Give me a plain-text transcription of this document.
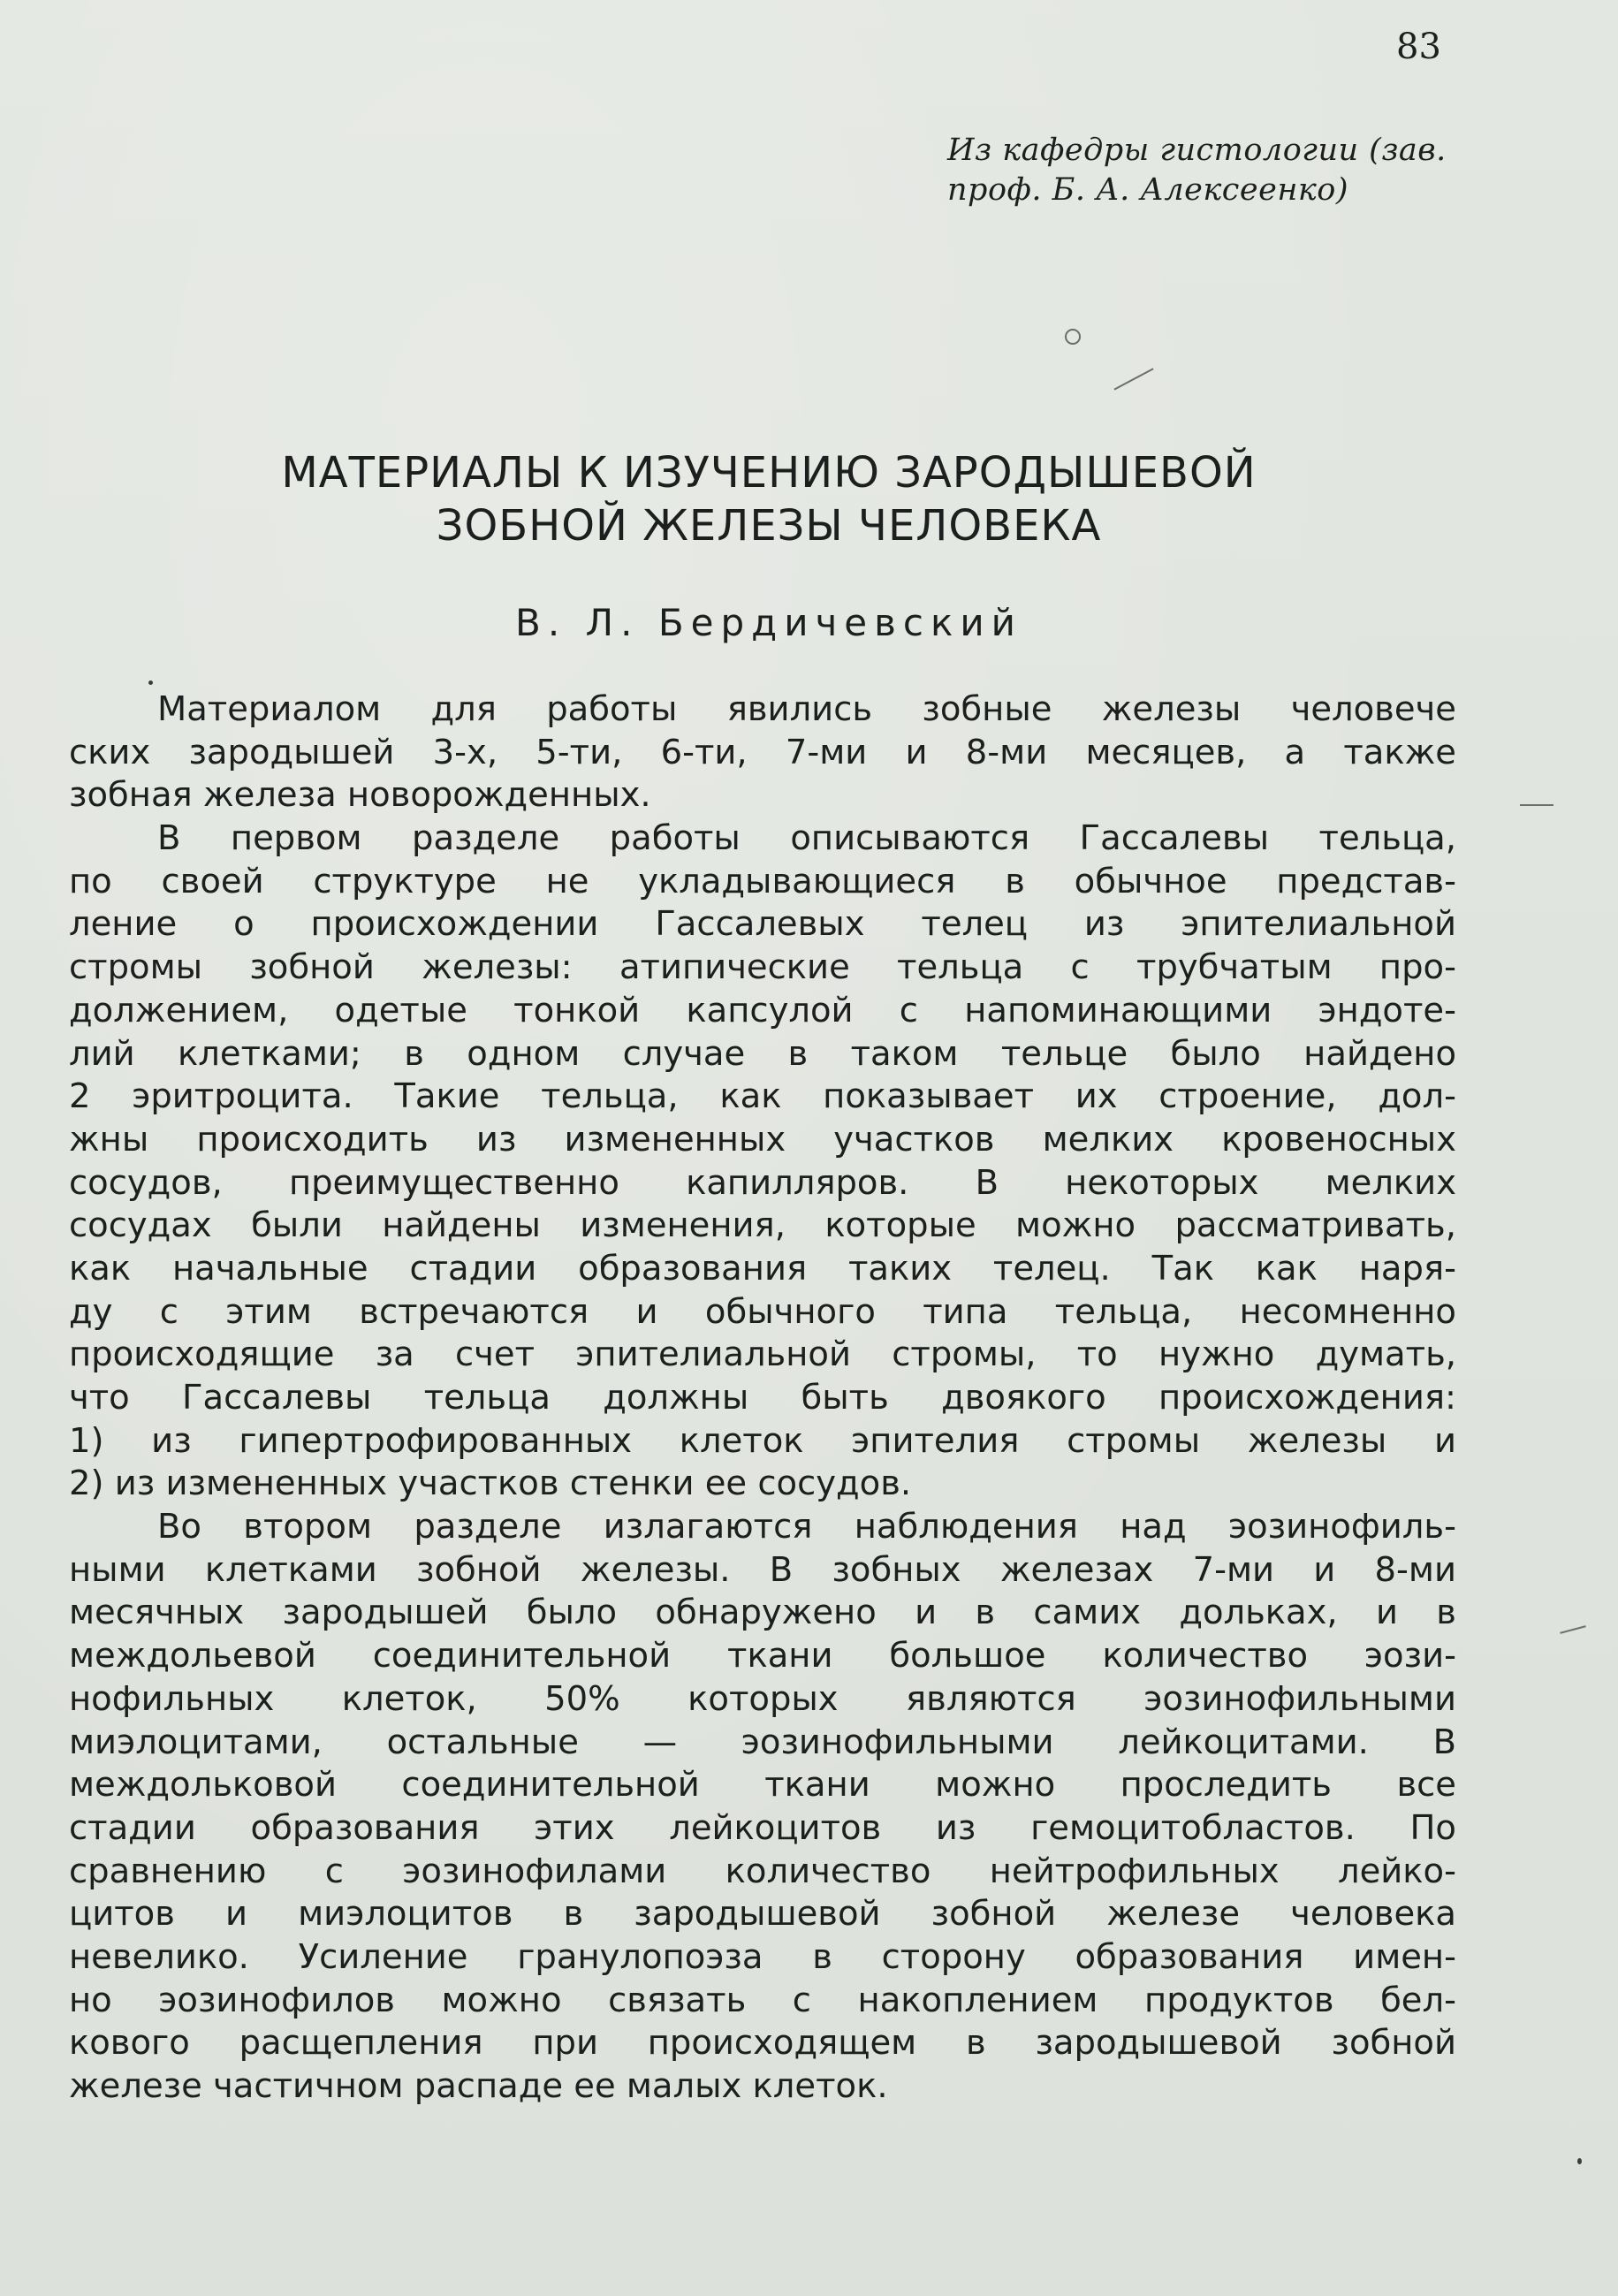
83
Из кафедры гистологии (зав.
проф. Б. А. Алексеенко)
МАТЕРИАЛЫ К ИЗУЧЕНИЮ ЗАРОДЫШЕВОЙ
ЗОБНОЙ ЖЕЛЕЗЫ ЧЕЛОВЕКА
В. Л. Бердичевский
Материалом для работы явились зобные железы человече
ских зародышей 3-х, 5-ти, 6-ти, 7-ми и 8-ми месяцев, а также
зобная железа новорожденных.
В первом разделе работы описываются Гассалевы тельца,
по своей структуре не укладывающиеся в обычное представ-
ление о происхождении Гассалевых телец из эпителиальной
стромы зобной железы: атипические тельца с трубчатым про-
должением, одетые тонкой капсулой с напоминающими эндоте-
лий клетками; в одном случае в таком тельце было найдено
2 эритроцита. Такие тельца, как показывает их строение, дол-
жны происходить из измененных участков мелких кровеносных
сосудов, преимущественно капилляров. В некоторых мелких
сосудах были найдены изменения, которые можно рассматривать,
как начальные стадии образования таких телец. Так как наря-
ду с этим встречаются и обычного типа тельца, несомненно
происходящие за счет эпителиальной стромы, то нужно думать,
что Гассалевы тельца должны быть двоякого происхождения:
1) из гипертрофированных клеток эпителия стромы железы и
2) из измененных участков стенки ее сосудов.
Во втором разделе излагаются наблюдения над эозинофиль-
ными клетками зобной железы. В зобных железах 7-ми и 8-ми
месячных зародышей было обнаружено и в самих дольках, и в
междольевой соединительной ткани большое количество эози-
нофильных клеток, 50% которых являются эозинофильными
миэлоцитами, остальные — эозинофильными лейкоцитами. В
междольковой соединительной ткани можно проследить все
стадии образования этих лейкоцитов из гемоцитобластов. По
сравнению с эозинофилами количество нейтрофильных лейко-
цитов и миэлоцитов в зародышевой зобной железе человека
невелико. Усиление гранулопоэза в сторону образования имен-
но эозинофилов можно связать с накоплением продуктов бел-
кового расщепления при происходящем в зародышевой зобной
железе частичном распаде ее малых клеток.
